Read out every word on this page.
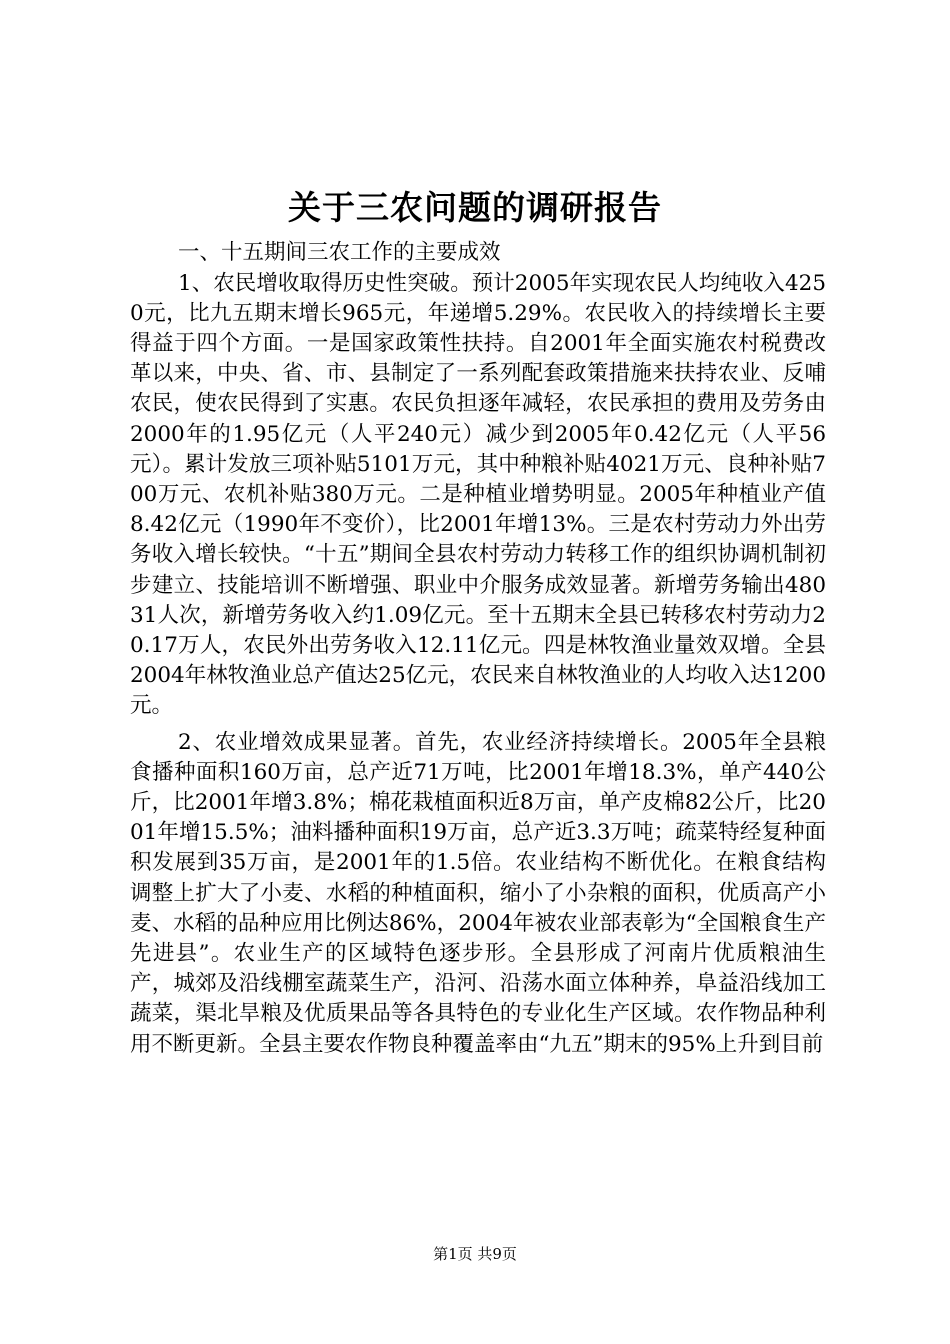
关于三农问题的调研报告

一、十五期间三农工作的主要成效

1、农民增收取得历史性突破。预计2005年实现农民人均纯收入4250元，比九五期末增长965元，年递增5.29%。农民收入的持续增长主要得益于四个方面。一是国家政策性扶持。自2001年全面实施农村税费改革以来，中央、省、市、县制定了一系列配套政策措施来扶持农业、反哺农民，使农民得到了实惠。农民负担逐年减轻，农民承担的费用及劳务由2000年的1.95亿元（人平240元）减少到2005年0.42亿元（人平56元）。累计发放三项补贴5101万元，其中种粮补贴4021万元、良种补贴700万元、农机补贴380万元。二是种植业增势明显。2005年种植业产值8.42亿元（1990年不变价），比2001年增13%。三是农村劳动力外出劳务收入增长较快。“十五”期间全县农村劳动力转移工作的组织协调机制初步建立、技能培训不断增强、职业中介服务成效显著。新增劳务输出48031人次，新增劳务收入约1.09亿元。至十五期末全县已转移农村劳动力20.17万人，农民外出劳务收入12.11亿元。四是林牧渔业量效双增。全县2004年林牧渔业总产值达25亿元，农民来自林牧渔业的人均收入达1200元。

2、农业增效成果显著。首先，农业经济持续增长。2005年全县粮食播种面积160万亩，总产近71万吨，比2001年增18.3%，单产440公斤，比2001年增3.8%；棉花栽植面积近8万亩，单产皮棉82公斤，比2001年增15.5%；油料播种面积19万亩，总产近3.3万吨；疏菜特经复种面积发展到35万亩，是2001年的1.5倍。农业结构不断优化。在粮食结构调整上扩大了小麦、水稻的种植面积，缩小了小杂粮的面积，优质高产小麦、水稻的品种应用比例达86%，2004年被农业部表彰为“全国粮食生产先进县”。农业生产的区域特色逐步形。全县形成了河南片优质粮油生产，城郊及沿线棚室蔬菜生产，沿河、沿荡水面立体种养，阜益沿线加工蔬菜，渠北旱粮及优质果品等各具特色的专业化生产区域。农作物品种利用不断更新。全县主要农作物良种覆盖率由“九五”期末的95%上升到目前

第1页 共9页
